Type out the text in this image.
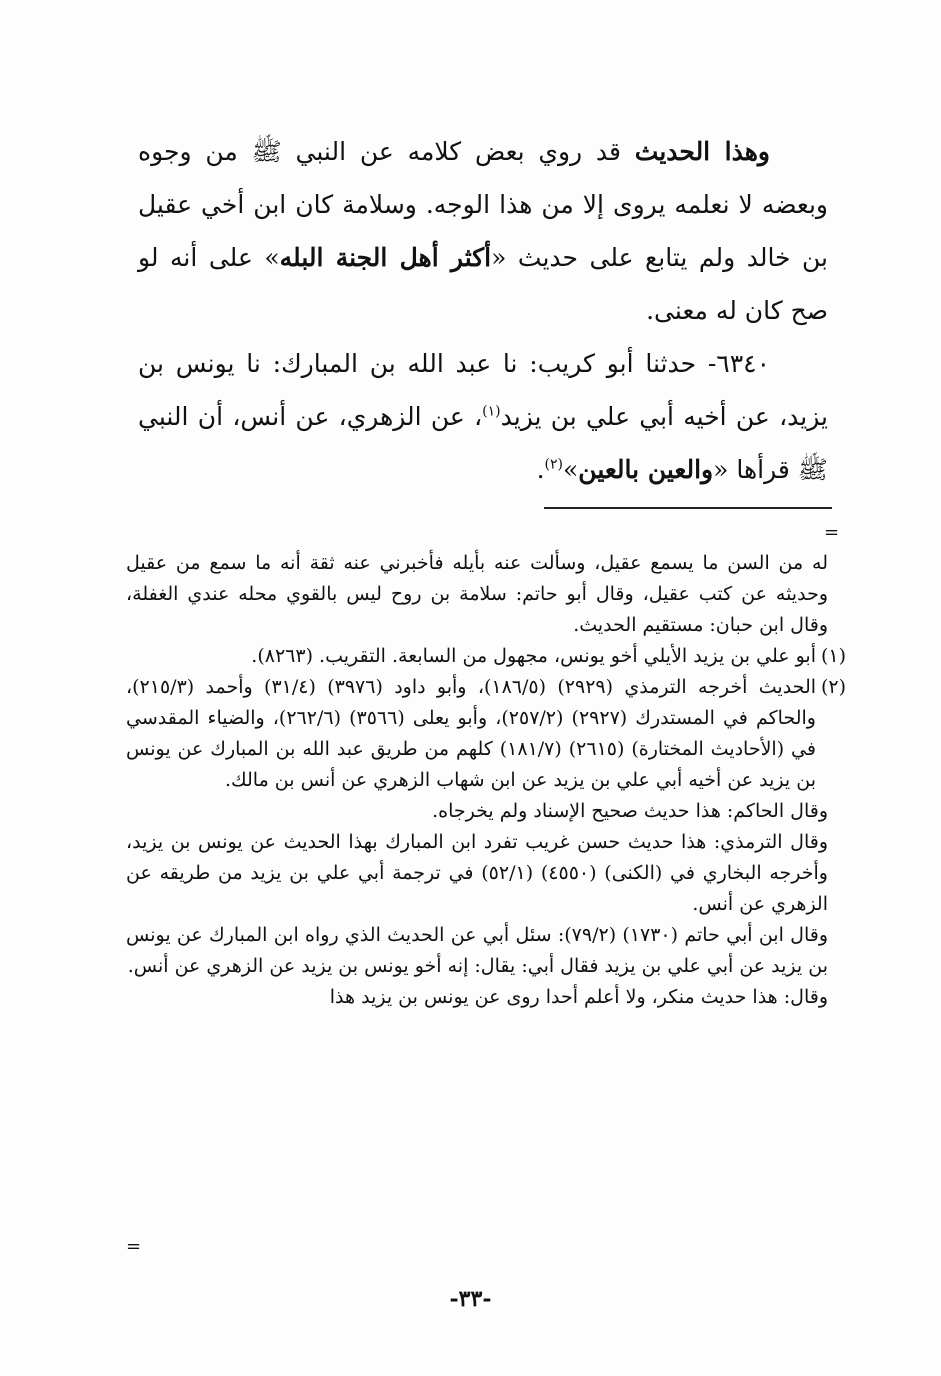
وهذا الحديث قد روي بعض كلامه عن النبي ﷺ من وجوه وبعضه لا نعلمه يروى إلا من هذا الوجه. وسلامة كان ابن أخي عقيل بن خالد ولم يتابع على حديث «أكثر أهل الجنة البله» على أنه لو صح كان له معنى.

٦٣٤٠- حدثنا أبو كريب: نا عبد الله بن المبارك: نا يونس بن يزيد، عن أخيه أبي علي بن يزيد$^{(١)}$، عن الزهري، عن أنس، أن النبي ﷺ قرأها «والعين بالعين»$^{(٢)}$.

=

له من السن ما يسمع عقيل، وسألت عنه بأيله فأخبرني عنه ثقة أنه ما سمع من عقيل وحديثه عن كتب عقيل، وقال أبو حاتم: سلامة بن روح ليس بالقوي محله عندي الغفلة، وقال ابن حبان: مستقيم الحديث.

(١)أبو علي بن يزيد الأيلي أخو يونس، مجهول من السابعة. التقريب. (٨٢٦٣).

(٢)الحديث أخرجه الترمذي (٢٩٢٩) (١٨٦/٥)، وأبو داود (٣٩٧٦) (٣١/٤) وأحمد (٢١٥/٣)، والحاكم في المستدرك (٢٩٢٧) (٢٥٧/٢)، وأبو يعلى (٣٥٦٦) (٢٦٢/٦)، والضياء المقدسي في (الأحاديث المختارة) (٢٦١٥) (١٨١/٧) كلهم من طريق عبد الله بن المبارك عن يونس بن يزيد عن أخيه أبي علي بن يزيد عن ابن شهاب الزهري عن أنس بن مالك.

وقال الحاكم: هذا حديث صحيح الإسناد ولم يخرجاه.

وقال الترمذي: هذا حديث حسن غريب تفرد ابن المبارك بهذا الحديث عن يونس بن يزيد، وأخرجه البخاري في (الكنى) (٤٥٥٠) (٥٢/١) في ترجمة أبي علي بن يزيد من طريقه عن الزهري عن أنس.

وقال ابن أبي حاتم (١٧٣٠) (٧٩/٢): سئل أبي عن الحديث الذي رواه ابن المبارك عن يونس بن يزيد عن أبي علي بن يزيد فقال أبي: يقال: إنه أخو يونس بن يزيد عن الزهري عن أنس.

وقال: هذا حديث منكر، ولا أعلم أحدا روى عن يونس بن يزيد هذا

=
-٣٣-
